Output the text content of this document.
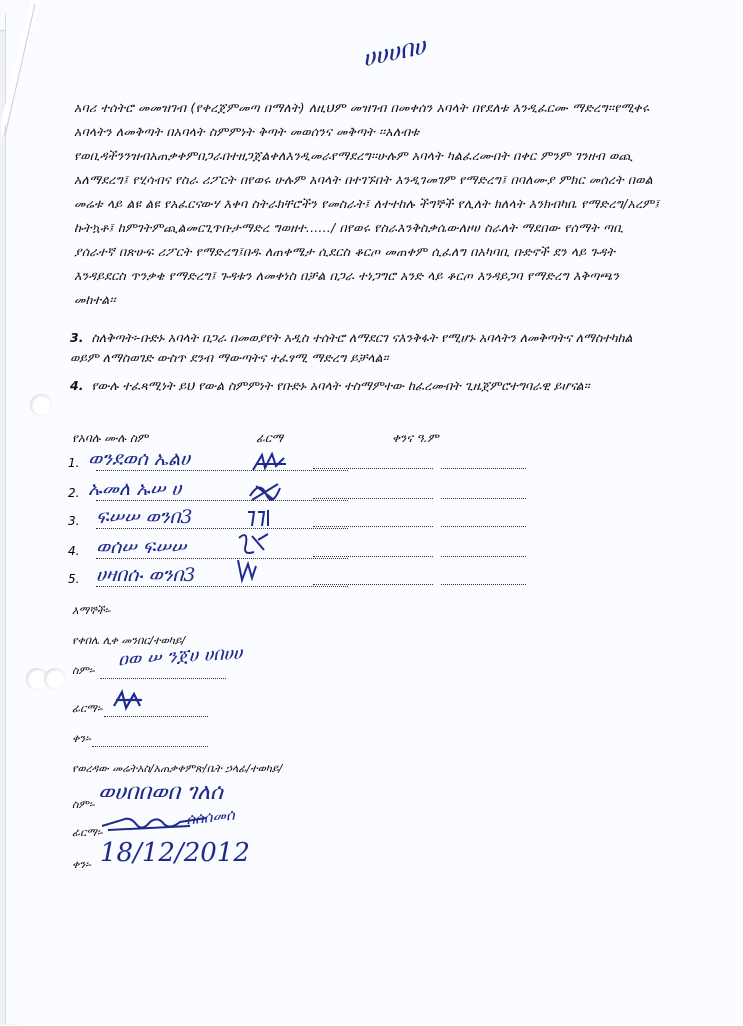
ሀሀሀበሀ
አባሪ ተሰትሮ መመዝገብ (የቀረጀምመጣ በማለት) ለዚህም መዝገብ በመቀሰን አባላት በየደለቱ እንዲፈርሙ ማድረግ፡፡የሚቀሩ አባላትን ለመቅጣት በአባላት ስምምነት ቅጣት መወሰንና መቅጣት ፡፡አለብቱ የወቢዳችንንዝብአጠቃቀምበጋራበተዘጋጀልቀለእንዲመራየማደረግ፡፡ሁሉም አባላት ካልፈረሙበት በቀር ምንም ገንዘብ ወጪ አለማደረግ፤ የሂሳብና የስራ ሪፖርት በየወሩ ሁሉም አባላት በተገኙበት እንዲገመገም የማድረግ፤ በባለሙያ ምክር መሰረት በወል መሬቱ ላይ ልዩ ልዩ የአፈርናውሃ እቀባ ስትራክቸሮችን የመስራት፤ ለተተከሉ ችግኞች የሊለት ክለላት እንክብካቤ የማድረግ/አረም፤ ኩትኳቶ፤ ከምገትምጪልመርጊጥቡታማድረ ግወዘተ....../ በየወሩ የስራእንቅስቃሴውለዞሀ ስራለት ማደበው የሰማት ጣቢ ያሰራተኛ በጽሁፍ ሪፖርት የማድረግ፤በዱ ለጠቀሜታ ሲደርስ ቆርጦ መጠቀም ሲፈለግ በአካባቢ ቡድኖች ደን ላይ ጉዳት እንዳይደርስ ጥንቃቄ የማድረግ፤ ጉዳቱን ለመቀነስ በቻል በጋራ ተነጋግሮ አንድ ላይ ቆርጦ እንዳይጋባ የማድረግ እቅጣጫን መከተል፡፡
3. ስለቅጣት፡-ቡድኑ አባላት በጋራ በመወያየት አዲስ ተሰትሮ ለማደርገ ናእንቅፋት የሚሆኑ አባላትን ለመቅጣትና ለማስተካከል ወይም ለማስወገድ ውስጥ ደንብ ማውጣትና ተፈፃሚ ማድረግ ይቻላል፡፡
4. የውሉ ተፈጻሚነት ይህ የውል ስምምነት የቡድኑ አባላት ተስማምተው ከፈረሙበት ጊዜጀምሮተግባራዊ ይሆናል፡፡
የአባሉ ሙሉ ስም	ፊርማ	ቀንና ዓ.ም
1. ወንደወሰ ኤልሀ
2. ኡመለ ኡሠ ሀ
3. ፍሠሠ ወንበ3
4. ወሰሠ ፍሠሠ
5. ሀዛበሱ ወንበ3
እማኞች፡-
የቀበሌ ሊቀ መንበር/ተወካይ/
ስም፡-
ዐወ ሠ ንጀሀ ሀበሀሀ
ፊርማ፡-
ቀን፡-
የወረዳው መሬትአስ/አጠቃቀምጽ/ቤት ኃላፊ/ተወካይ/
ስም፡- ወሀበበወበ ገለሰ
ሰሰሰመሰ
ፊርማ፡-
ቀን፡- 18/12/2012
